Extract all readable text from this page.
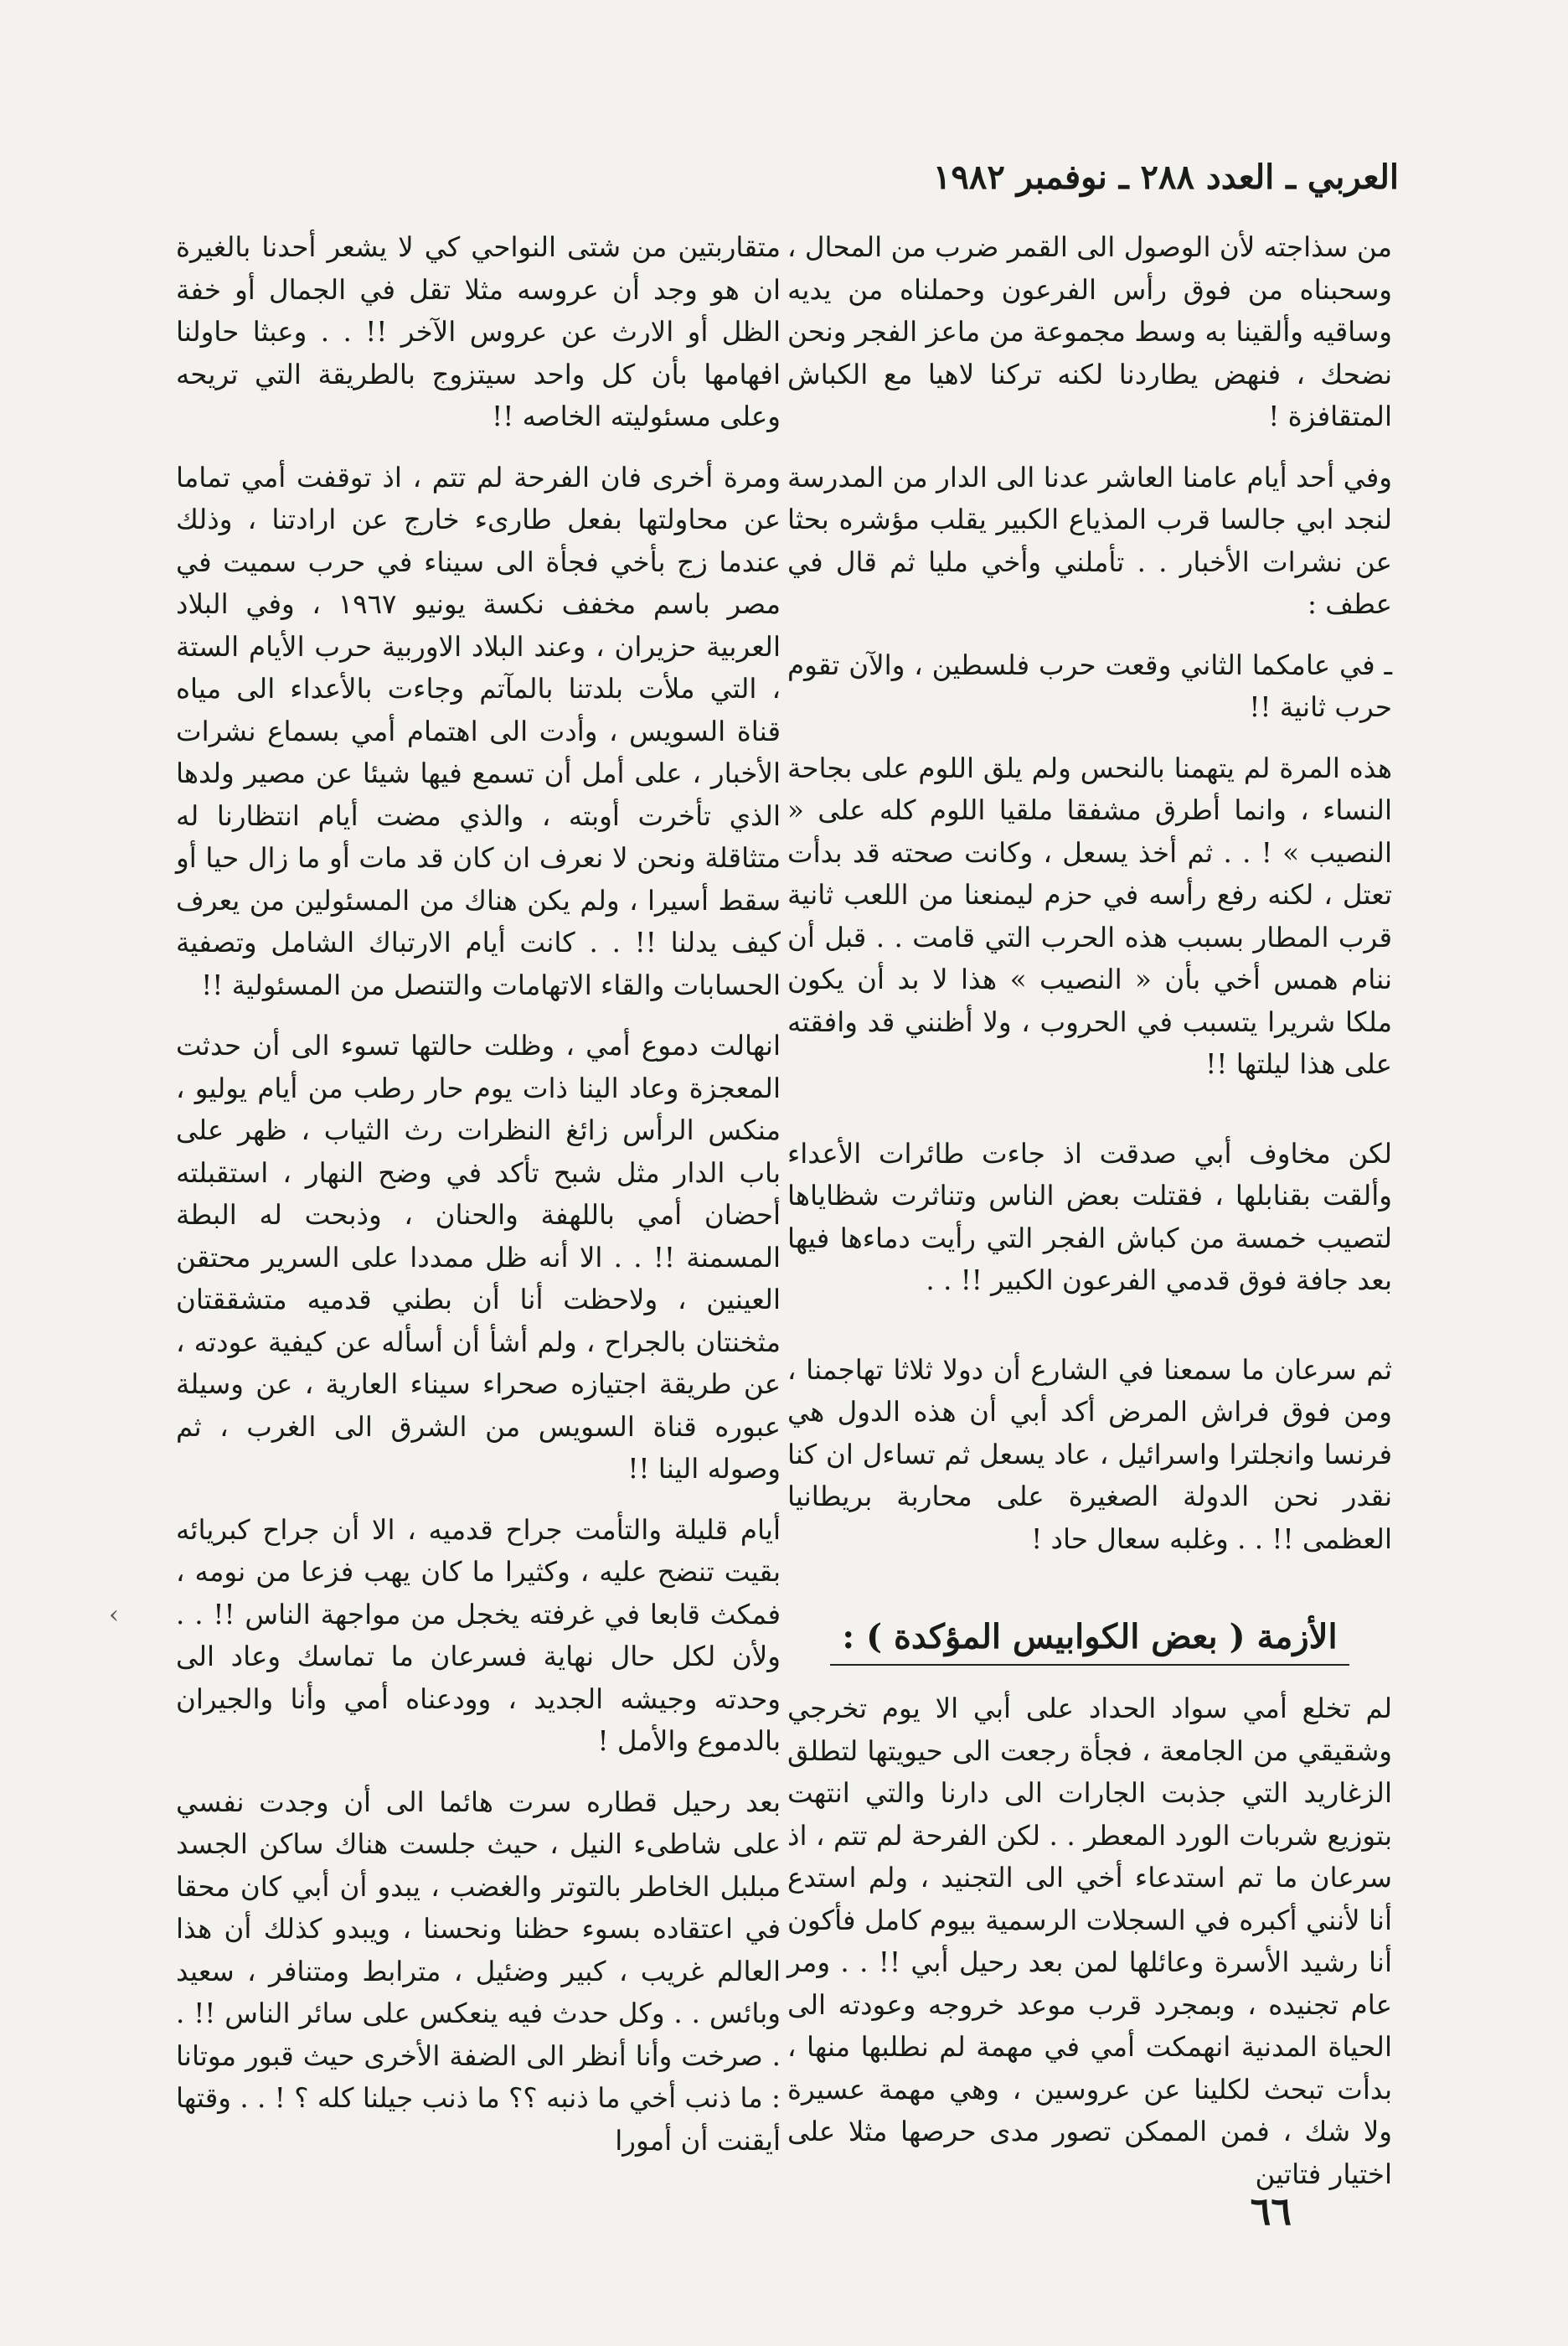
العربي ـ العدد ٢٨٨ ـ نوفمبر ١٩٨٢

من سذاجته لأن الوصول الى القمر ضرب من المحال ، وسحبناه من فوق رأس الفرعون وحملناه من يديه وساقيه وألقينا به وسط مجموعة من ماعز الفجر ونحن نضحك ، فنهض يطاردنا لكنه تركنا لاهيا مع الكباش المتقافزة !

وفي أحد أيام عامنا العاشر عدنا الى الدار من المدرسة لنجد ابي جالسا قرب المذياع الكبير يقلب مؤشره بحثا عن نشرات الأخبار . . تأملني وأخي مليا ثم قال في عطف :

ـ في عامكما الثاني وقعت حرب فلسطين ، والآن تقوم حرب ثانية !!

هذه المرة لم يتهمنا بالنحس ولم يلق اللوم على بجاحة النساء ، وانما أطرق مشفقا ملقيا اللوم كله على « النصيب » ! . . ثم أخذ يسعل ، وكانت صحته قد بدأت تعتل ، لكنه رفع رأسه في حزم ليمنعنا من اللعب ثانية قرب المطار بسبب هذه الحرب التي قامت . . قبل أن ننام همس أخي بأن « النصيب » هذا لا بد أن يكون ملكا شريرا يتسبب في الحروب ، ولا أظنني قد وافقته على هذا ليلتها !!

لكن مخاوف أبي صدقت اذ جاءت طائرات الأعداء وألقت بقنابلها ، فقتلت بعض الناس وتناثرت شظاياها لتصيب خمسة من كباش الفجر التي رأيت دماءها فيها بعد جافة فوق قدمي الفرعون الكبير !! . .

ثم سرعان ما سمعنا في الشارع أن دولا ثلاثا تهاجمنا ، ومن فوق فراش المرض أكد أبي أن هذه الدول هي فرنسا وانجلترا واسرائيل ، عاد يسعل ثم تساءل ان كنا نقدر نحن الدولة الصغيرة على محاربة بريطانيا العظمى !! . . وغلبه سعال حاد !

الأزمة ( بعض الكوابيس المؤكدة ) :

لم تخلع أمي سواد الحداد على أبي الا يوم تخرجي وشقيقي من الجامعة ، فجأة رجعت الى حيويتها لتطلق الزغاريد التي جذبت الجارات الى دارنا والتي انتهت بتوزيع شربات الورد المعطر . . لكن الفرحة لم تتم ، اذ سرعان ما تم استدعاء أخي الى التجنيد ، ولم استدع أنا لأنني أكبره في السجلات الرسمية بيوم كامل فأكون أنا رشيد الأسرة وعائلها لمن بعد رحيل أبي !! . . ومر عام تجنيده ، وبمجرد قرب موعد خروجه وعودته الى الحياة المدنية انهمكت أمي في مهمة لم نطلبها منها ، بدأت تبحث لكلينا عن عروسين ، وهي مهمة عسيرة ولا شك ، فمن الممكن تصور مدى حرصها مثلا على اختيار فتاتين

متقاربتين من شتى النواحي كي لا يشعر أحدنا بالغيرة ان هو وجد أن عروسه مثلا تقل في الجمال أو خفة الظل أو الارث عن عروس الآخر !! . . وعبثا حاولنا افهامها بأن كل واحد سيتزوج بالطريقة التي تريحه وعلى مسئوليته الخاصه !!

ومرة أخرى فان الفرحة لم تتم ، اذ توقفت أمي تماما عن محاولتها بفعل طارىء خارج عن ارادتنا ، وذلك عندما زج بأخي فجأة الى سيناء في حرب سميت في مصر باسم مخفف نكسة يونيو ١٩٦٧ ، وفي البلاد العربية حزيران ، وعند البلاد الاوربية حرب الأيام الستة ، التي ملأت بلدتنا بالمآتم وجاءت بالأعداء الى مياه قناة السويس ، وأدت الى اهتمام أمي بسماع نشرات الأخبار ، على أمل أن تسمع فيها شيئا عن مصير ولدها الذي تأخرت أوبته ، والذي مضت أيام انتظارنا له متثاقلة ونحن لا نعرف ان كان قد مات أو ما زال حيا أو سقط أسيرا ، ولم يكن هناك من المسئولين من يعرف كيف يدلنا !! . . كانت أيام الارتباك الشامل وتصفية الحسابات والقاء الاتهامات والتنصل من المسئولية !!

انهالت دموع أمي ، وظلت حالتها تسوء الى أن حدثت المعجزة وعاد الينا ذات يوم حار رطب من أيام يوليو ، منكس الرأس زائغ النظرات رث الثياب ، ظهر على باب الدار مثل شبح تأكد في وضح النهار ، استقبلته أحضان أمي باللهفة والحنان ، وذبحت له البطة المسمنة !! . . الا أنه ظل ممددا على السرير محتقن العينين ، ولاحظت أنا أن بطني قدميه متشققتان مثخنتان بالجراح ، ولم أشأ أن أسأله عن كيفية عودته ، عن طريقة اجتيازه صحراء سيناء العارية ، عن وسيلة عبوره قناة السويس من الشرق الى الغرب ، ثم وصوله الينا !!

أيام قليلة والتأمت جراح قدميه ، الا أن جراح كبريائه بقيت تنضح عليه ، وكثيرا ما كان يهب فزعا من نومه ، فمكث قابعا في غرفته يخجل من مواجهة الناس !! . . ولأن لكل حال نهاية فسرعان ما تماسك وعاد الى وحدته وجيشه الجديد ، وودعناه أمي وأنا والجيران بالدموع والأمل !

بعد رحيل قطاره سرت هائما الى أن وجدت نفسي على شاطىء النيل ، حيث جلست هناك ساكن الجسد مبلبل الخاطر بالتوتر والغضب ، يبدو أن أبي كان محقا في اعتقاده بسوء حظنا ونحسنا ، ويبدو كذلك أن هذا العالم غريب ، كبير وضئيل ، مترابط ومتنافر ، سعيد وبائس . . وكل حدث فيه ينعكس على سائر الناس !! . . صرخت وأنا أنظر الى الضفة الأخرى حيث قبور موتانا : ما ذنب أخي ما ذنبه ؟؟ ما ذنب جيلنا كله ؟ ! . . وقتها أيقنت أن أمورا

›
٦٦
